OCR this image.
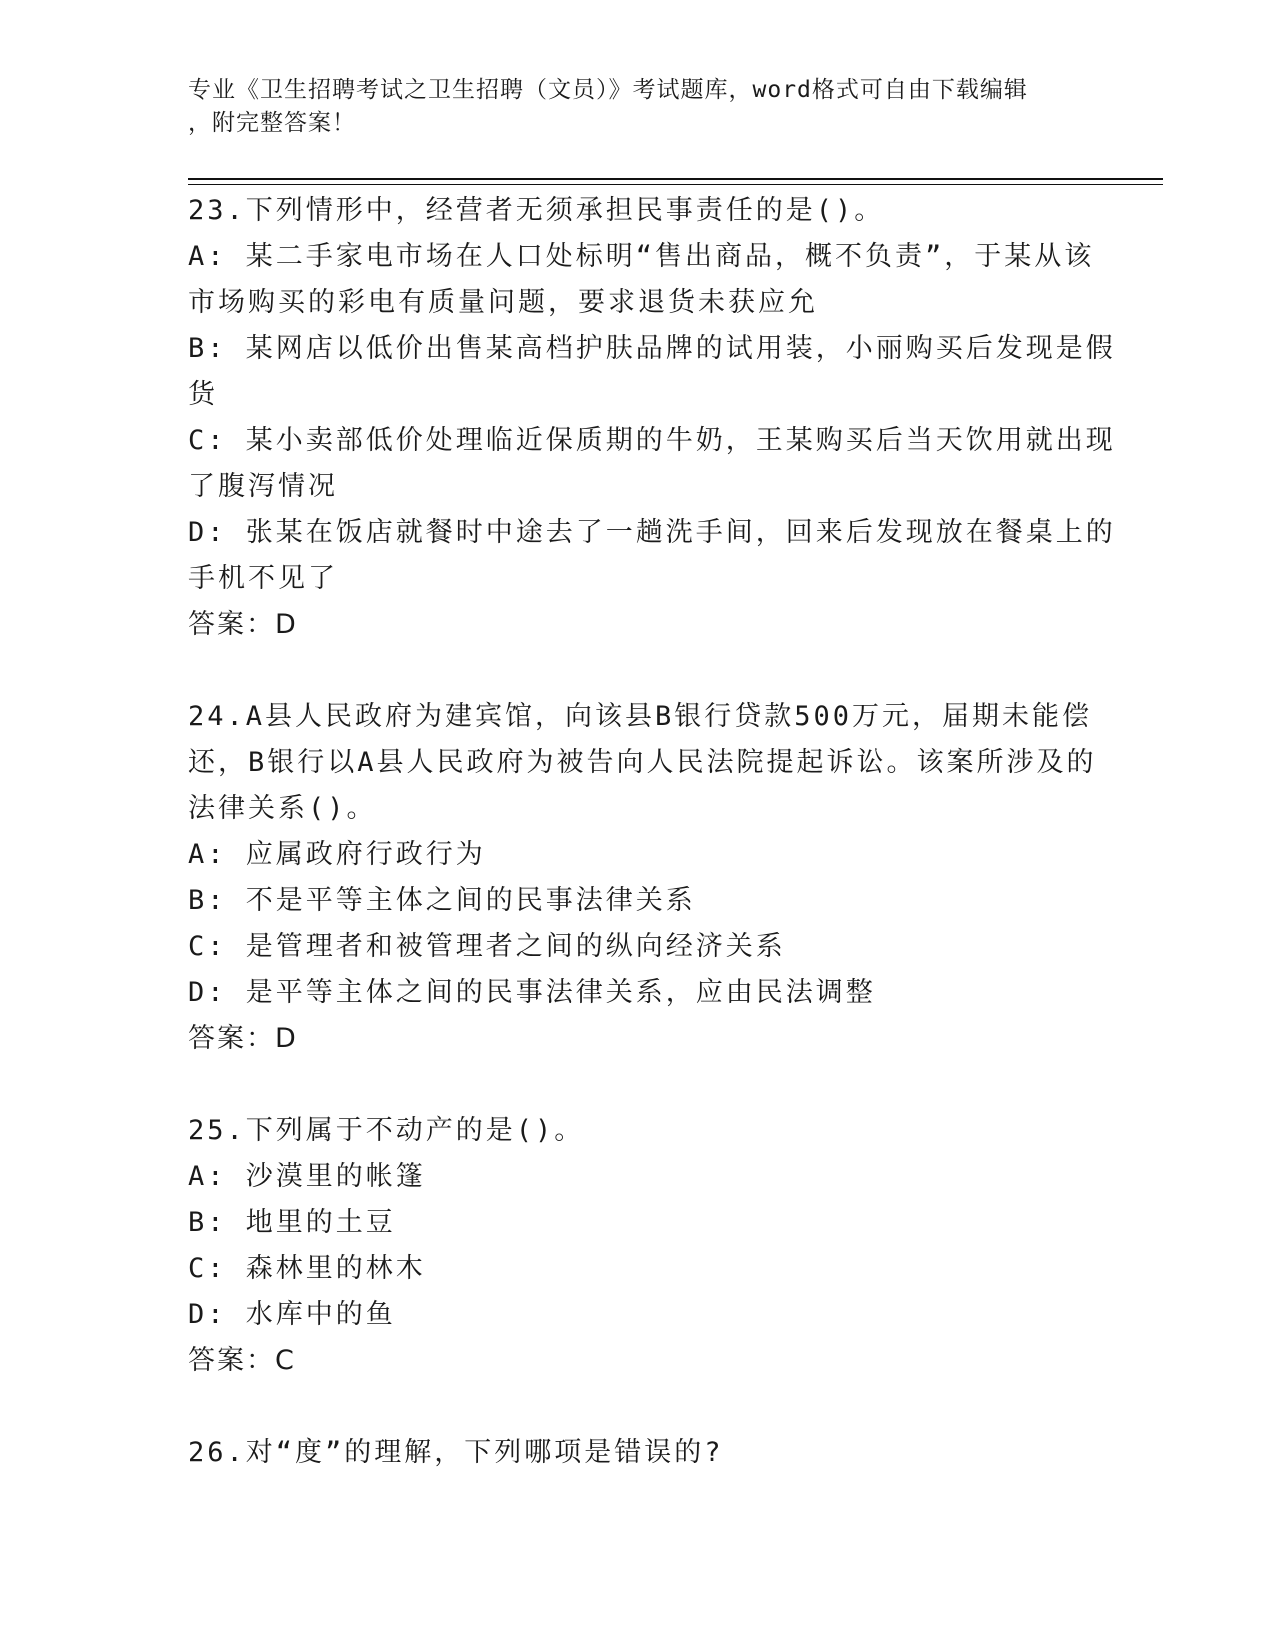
专业《卫生招聘考试之卫生招聘（文员）》考试题库，word格式可自由下载编辑
，附完整答案！
23.下列情形中，经营者无须承担民事责任的是()。
A: 某二手家电市场在人口处标明“售出商品，概不负责”，于某从该
市场购买的彩电有质量问题，要求退货未获应允
B: 某网店以低价出售某高档护肤品牌的试用装，小丽购买后发现是假
货
C: 某小卖部低价处理临近保质期的牛奶，王某购买后当天饮用就出现
了腹泻情况
D: 张某在饭店就餐时中途去了一趟洗手间，回来后发现放在餐桌上的
手机不见了
答案：D
24.A县人民政府为建宾馆，向该县B银行贷款500万元，届期未能偿
还，B银行以A县人民政府为被告向人民法院提起诉讼。该案所涉及的
法律关系()。
A: 应属政府行政行为
B: 不是平等主体之间的民事法律关系
C: 是管理者和被管理者之间的纵向经济关系
D: 是平等主体之间的民事法律关系，应由民法调整
答案：D
25.下列属于不动产的是()。
A: 沙漠里的帐篷
B: 地里的土豆
C: 森林里的林木
D: 水库中的鱼
答案：C
26.对“度”的理解，下列哪项是错误的?
